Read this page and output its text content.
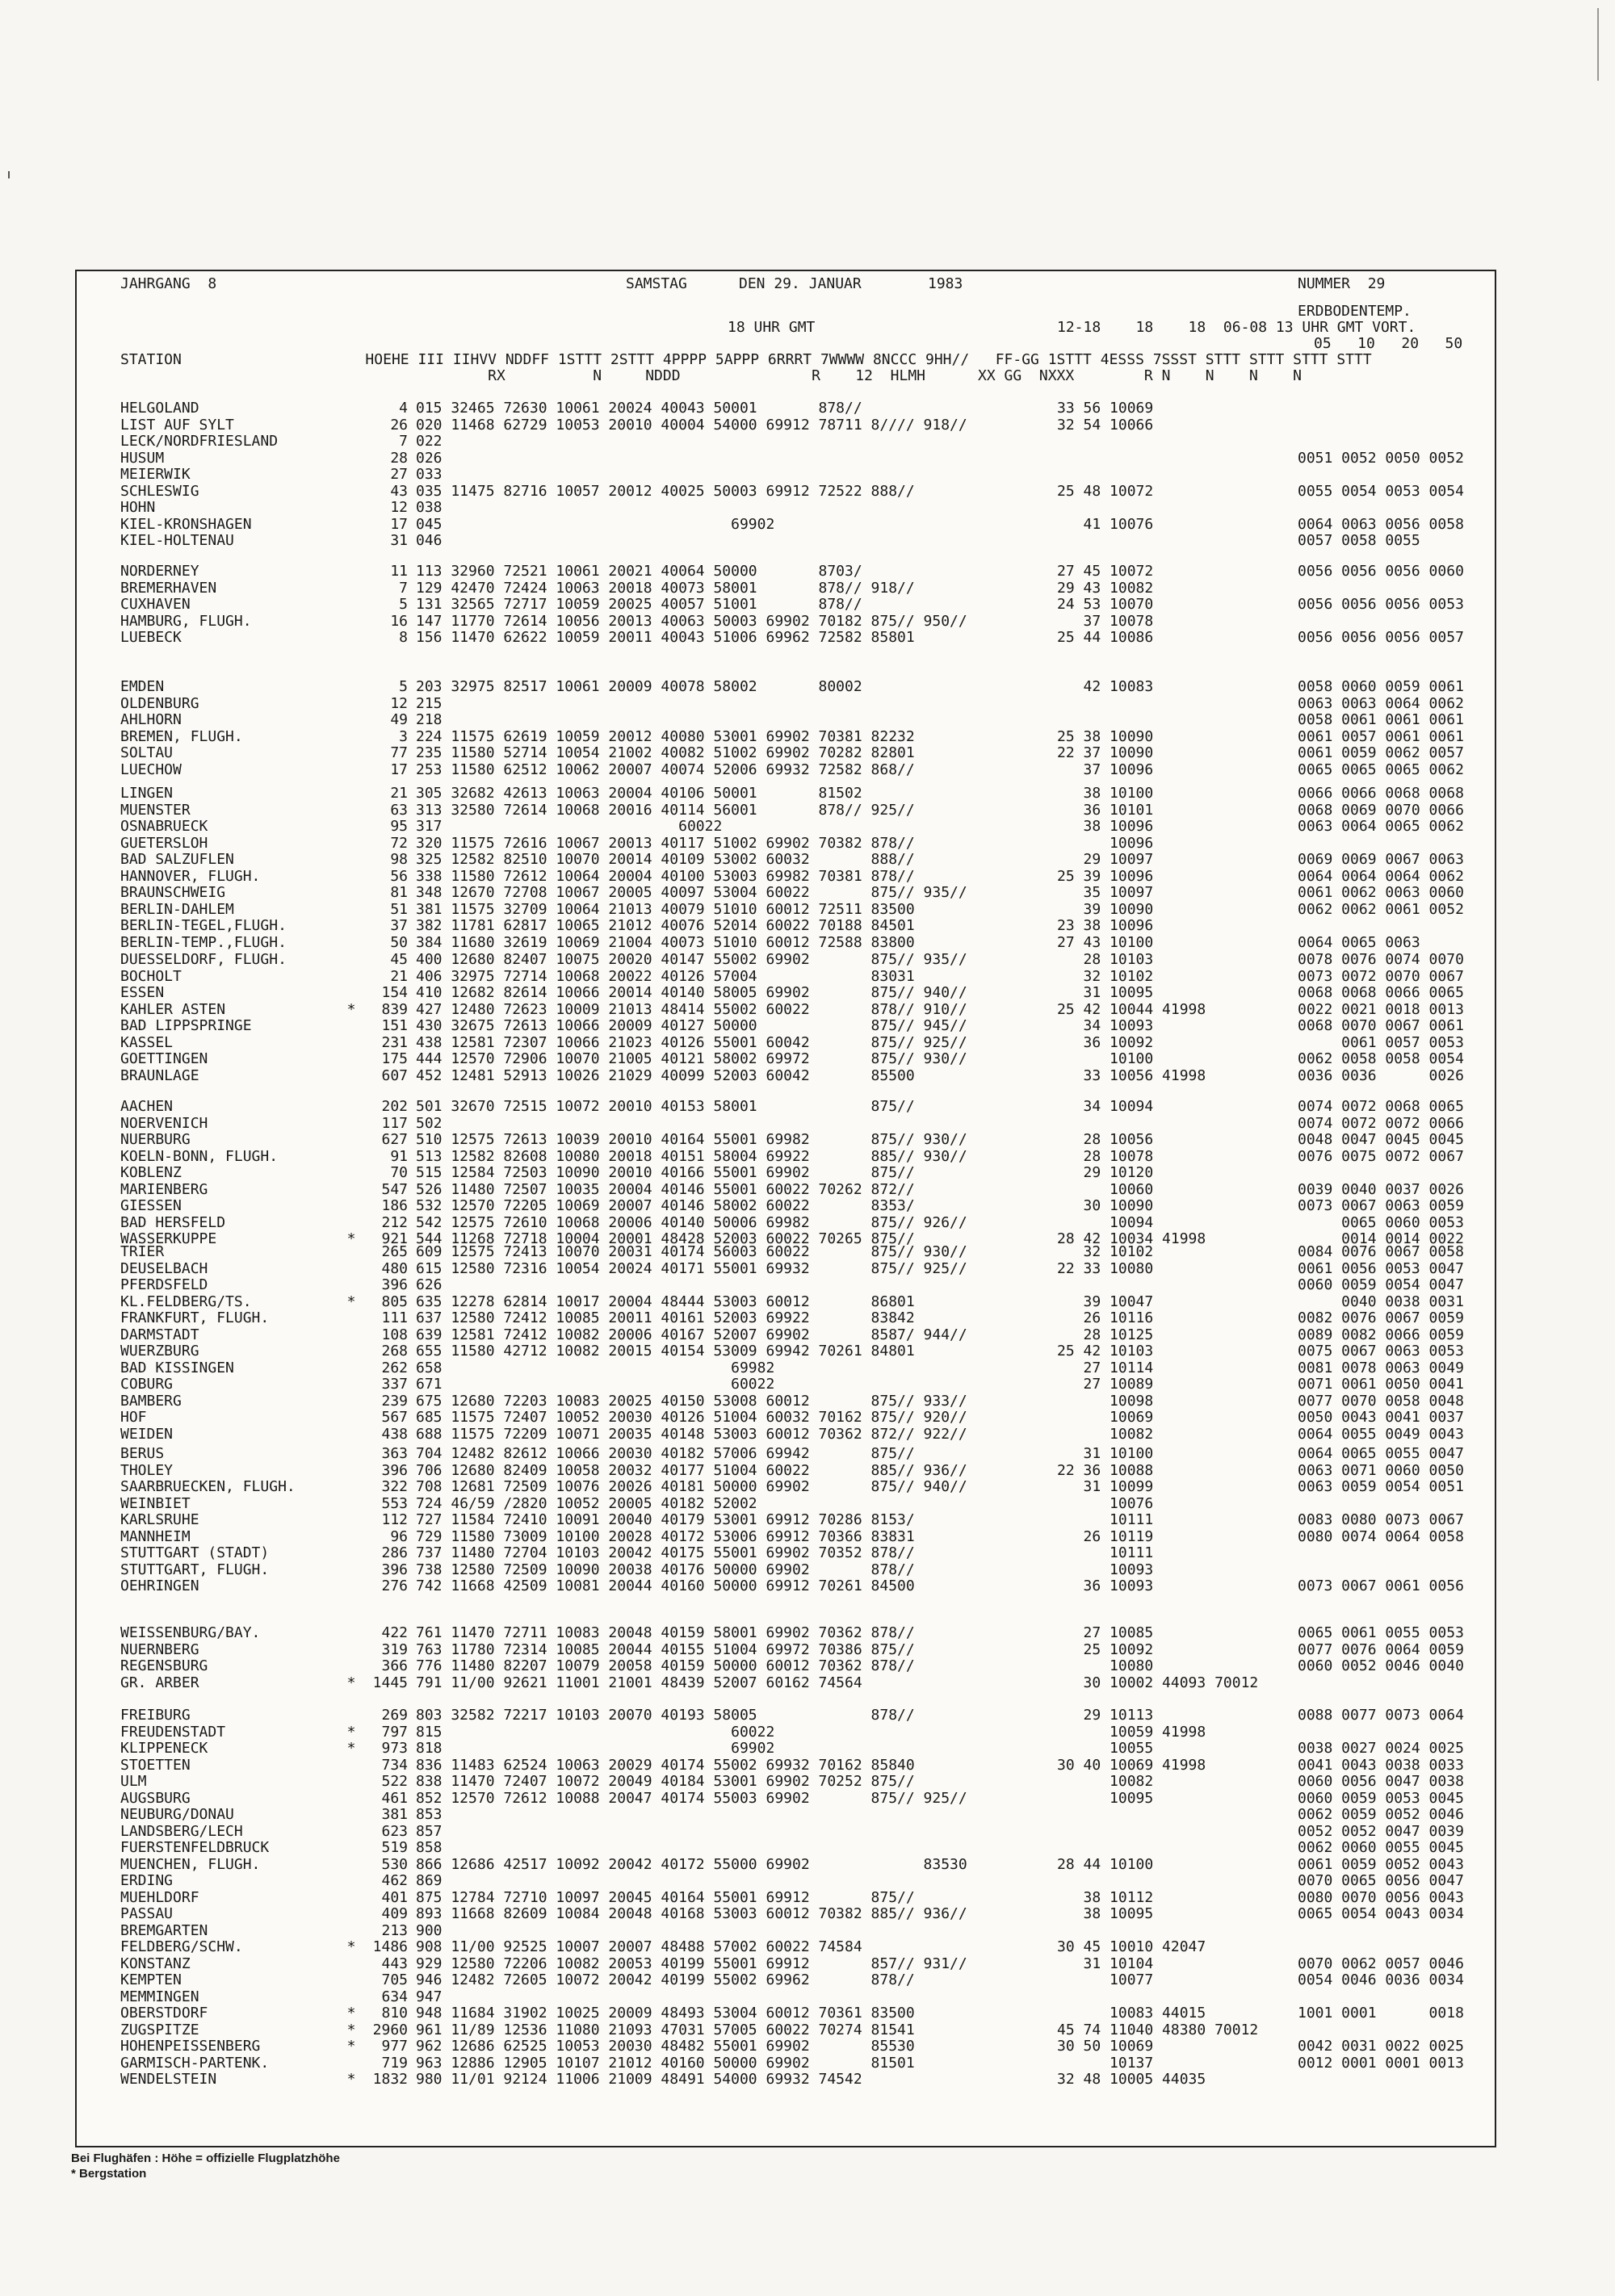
JAHRGANG  8

	SAMSTAG

	DEN 29. JANUAR

	1983

	NUMMER  29

ERDBODENTEMP.
18 UHR GMT	12-18    18    18  06-08 13 UHR GMT VORT.
05   10   20   50
STATION                     HOEHE III IIHVV NDDFF 1STTT 2STTT 4PPPP 5APPP 6RRRT 7WWWW 8NCCC 9HH//   FF-GG 1STTT 4ESSS 7SSST STTT STTT STTT STTT
RX          N     NDDD               R    12  HLMH      XX GG  NXXX        R N    N    N    N
HELGOLAND	4 015 32465 72630 10061 20024 40043 50001       878//	33 56 10069
LIST AUF SYLT	26 020 11468 62729 10053 20010 40004 54000 69912 78711 8//// 918//	32 54 10066
LECK/NORDFRIESLAND	7 022
HUSUM	28 026	0051 0052 0050 0052
MEIERWIK	27 033
SCHLESWIG	43 035 11475 82716 10057 20012 40025 50003 69912 72522 888//	25 48 10072	0055 0054 0053 0054
HOHN	12 038
KIEL-KRONSHAGEN	17 045                                 69902	41 10076	0064 0063 0056 0058
KIEL-HOLTENAU	31 046	0057 0058 0055
NORDERNEY	11 113 32960 72521 10061 20021 40064 50000       8703/	27 45 10072	0056 0056 0056 0060
BREMERHAVEN	7 129 42470 72424 10063 20018 40073 58001       878// 918//	29 43 10082
CUXHAVEN	5 131 32565 72717 10059 20025 40057 51001       878//	24 53 10070	0056 0056 0056 0053
HAMBURG, FLUGH.	16 147 11770 72614 10056 20013 40063 50003 69902 70182 875// 950//	37 10078
LUEBECK	8 156 11470 62622 10059 20011 40043 51006 69962 72582 85801	25 44 10086	0056 0056 0056 0057
EMDEN	5 203 32975 82517 10061 20009 40078 58002       80002	42 10083	0058 0060 0059 0061
OLDENBURG	12 215	0063 0063 0064 0062
AHLHORN	49 218	0058 0061 0061 0061
BREMEN, FLUGH.	3 224 11575 62619 10059 20012 40080 53001 69902 70381 82232	25 38 10090	0061 0057 0061 0061
SOLTAU	77 235 11580 52714 10054 21002 40082 51002 69902 70282 82801	22 37 10090	0061 0059 0062 0057
LUECHOW	17 253 11580 62512 10062 20007 40074 52006 69932 72582 868//	37 10096	0065 0065 0065 0062
LINGEN	21 305 32682 42613 10063 20004 40106 50001       81502	38 10100	0066 0066 0068 0068
MUENSTER	63 313 32580 72614 10068 20016 40114 56001       878// 925//	36 10101	0068 0069 0070 0066
OSNABRUECK	95 317                           60022	38 10096	0063 0064 0065 0062
GUETERSLOH	72 320 11575 72616 10067 20013 40117 51002 69902 70382 878//	10096
BAD SALZUFLEN	98 325 12582 82510 10070 20014 40109 53002 60032       888//	29 10097	0069 0069 0067 0063
HANNOVER, FLUGH.	56 338 11580 72612 10064 20004 40100 53003 69982 70381 878//	25 39 10096	0064 0064 0064 0062
BRAUNSCHWEIG	81 348 12670 72708 10067 20005 40097 53004 60022       875// 935//	35 10097	0061 0062 0063 0060
BERLIN-DAHLEM	51 381 11575 32709 10064 21013 40079 51010 60012 72511 83500	39 10090	0062 0062 0061 0052
BERLIN-TEGEL,FLUGH.	37 382 11781 62817 10065 21012 40076 52014 60022 70188 84501	23 38 10096
BERLIN-TEMP.,FLUGH.	50 384 11680 32619 10069 21004 40073 51010 60012 72588 83800	27 43 10100	0064 0065 0063
DUESSELDORF, FLUGH.	45 400 12680 82407 10075 20020 40147 55002 69902       875// 935//	28 10103	0078 0076 0074 0070
BOCHOLT	21 406 32975 72714 10068 20022 40126 57004             83031	32 10102	0073 0072 0070 0067
ESSEN	154 410 12682 82614 10066 20014 40140 58005 69902       875// 940//	31 10095	0068 0068 0066 0065
KAHLER ASTEN	*	839 427 12480 72623 10009 21013 48414 55002 60022       878// 910//	25 42 10044 41998	0022 0021 0018 0013
BAD LIPPSPRINGE	151 430 32675 72613 10066 20009 40127 50000             875// 945//	34 10093	0068 0070 0067 0061
KASSEL	231 438 12581 72307 10066 21023 40126 55001 60042       875// 925//	36 10092	0061 0057 0053
GOETTINGEN	175 444 12570 72906 10070 21005 40121 58002 69972       875// 930//	10100	0062 0058 0058 0054
BRAUNLAGE	607 452 12481 52913 10026 21029 40099 52003 60042       85500	33 10056 41998	0036 0036      0026
AACHEN	202 501 32670 72515 10072 20010 40153 58001             875//	34 10094	0074 0072 0068 0065
NOERVENICH	117 502	0074 0072 0072 0066
NUERBURG	627 510 12575 72613 10039 20010 40164 55001 69982       875// 930//	28 10056	0048 0047 0045 0045
KOELN-BONN, FLUGH.	91 513 12582 82608 10080 20018 40151 58004 69922       885// 930//	28 10078	0076 0075 0072 0067
KOBLENZ	70 515 12584 72503 10090 20010 40166 55001 69902       875//	29 10120
MARIENBERG	547 526 11480 72507 10035 20004 40146 55001 60022 70262 872//	10060	0039 0040 0037 0026
GIESSEN	186 532 12570 72205 10069 20007 40146 58002 60022       8353/	30 10090	0073 0067 0063 0059
BAD HERSFELD	212 542 12575 72610 10068 20006 40140 50006 69982       875// 926//	10094	0065 0060 0053
WASSERKUPPE	*	921 544 11268 72718 10004 20001 48428 52003 60022 70265 875//	28 42 10034 41998	0014 0014 0022
TRIER	265 609 12575 72413 10070 20031 40174 56003 60022       875// 930//	32 10102	0084 0076 0067 0058
DEUSELBACH	480 615 12580 72316 10054 20024 40171 55001 69932       875// 925//	22 33 10080	0061 0056 0053 0047
PFERDSFELD	396 626	0060 0059 0054 0047
KL.FELDBERG/TS.	*	805 635 12278 62814 10017 20004 48444 53003 60012       86801	39 10047	0040 0038 0031
FRANKFURT, FLUGH.	111 637 12580 72412 10085 20011 40161 52003 69922       83842	26 10116	0082 0076 0067 0059
DARMSTADT	108 639 12581 72412 10082 20006 40167 52007 69902       8587/ 944//	28 10125	0089 0082 0066 0059
WUERZBURG	268 655 11580 42712 10082 20015 40154 53009 69942 70261 84801	25 42 10103	0075 0067 0063 0053
BAD KISSINGEN	262 658                                 69982	27 10114	0081 0078 0063 0049
COBURG	337 671                                 60022	27 10089	0071 0061 0050 0041
BAMBERG	239 675 12680 72203 10083 20025 40150 53008 60012       875// 933//	10098	0077 0070 0058 0048
HOF	567 685 11575 72407 10052 20030 40126 51004 60032 70162 875// 920//	10069	0050 0043 0041 0037
WEIDEN	438 688 11575 72209 10071 20035 40148 53003 60012 70362 872// 922//	10082	0064 0055 0049 0043
BERUS	363 704 12482 82612 10066 20030 40182 57006 69942       875//	31 10100	0064 0065 0055 0047
THOLEY	396 706 12680 82409 10058 20032 40177 51004 60022       885// 936//	22 36 10088	0063 0071 0060 0050
SAARBRUECKEN, FLUGH.	322 708 12681 72509 10076 20026 40181 50000 69902       875// 940//	31 10099	0063 0059 0054 0051
WEINBIET	553 724 46/59 /2820 10052 20005 40182 52002	10076
KARLSRUHE	112 727 11584 72410 10091 20040 40179 53001 69912 70286 8153/	10111	0083 0080 0073 0067
MANNHEIM	96 729 11580 73009 10100 20028 40172 53006 69912 70366 83831	26 10119	0080 0074 0064 0058
STUTTGART (STADT)	286 737 11480 72704 10103 20042 40175 55001 69902 70352 878//	10111
STUTTGART, FLUGH.	396 738 12580 72509 10090 20038 40176 50000 69902       878//	10093
OEHRINGEN	276 742 11668 42509 10081 20044 40160 50000 69912 70261 84500	36 10093	0073 0067 0061 0056
WEISSENBURG/BAY.	422 761 11470 72711 10083 20048 40159 58001 69902 70362 878//	27 10085	0065 0061 0055 0053
NUERNBERG	319 763 11780 72314 10085 20044 40155 51004 69972 70386 875//	25 10092	0077 0076 0064 0059
REGENSBURG	366 776 11480 82207 10079 20058 40159 50000 60012 70362 878//	10080	0060 0052 0046 0040
GR. ARBER	*	1445 791 11/00 92621 11001 21001 48439 52007 60162 74564	30 10002 44093 70012
FREIBURG	269 803 32582 72217 10103 20070 40193 58005             878//	29 10113	0088 0077 0073 0064
FREUDENSTADT	*	797 815                                 60022	10059 41998
KLIPPENECK	*	973 818                                 69902	10055	0038 0027 0024 0025
STOETTEN	734 836 11483 62524 10063 20029 40174 55002 69932 70162 85840	30 40 10069 41998	0041 0043 0038 0033
ULM	522 838 11470 72407 10072 20049 40184 53001 69902 70252 875//	10082	0060 0056 0047 0038
AUGSBURG	461 852 12570 72612 10088 20047 40174 55003 69902       875// 925//	10095	0060 0059 0053 0045
NEUBURG/DONAU	381 853	0062 0059 0052 0046
LANDSBERG/LECH	623 857	0052 0052 0047 0039
FUERSTENFELDBRUCK	519 858	0062 0060 0055 0045
MUENCHEN, FLUGH.	530 866 12686 42517 10092 20042 40172 55000 69902             83530	28 44 10100	0061 0059 0052 0043
ERDING	462 869	0070 0065 0056 0047
MUEHLDORF	401 875 12784 72710 10097 20045 40164 55001 69912       875//	38 10112	0080 0070 0056 0043
PASSAU	409 893 11668 82609 10084 20048 40168 53003 60012 70382 885// 936//	38 10095	0065 0054 0043 0034
BREMGARTEN	213 900
FELDBERG/SCHW.	*	1486 908 11/00 92525 10007 20007 48488 57002 60022 74584	30 45 10010 42047
KONSTANZ	443 929 12580 72206 10082 20053 40199 55001 69912       857// 931//	31 10104	0070 0062 0057 0046
KEMPTEN	705 946 12482 72605 10072 20042 40199 55002 69962       878//	10077	0054 0046 0036 0034
MEMMINGEN	634 947
OBERSTDORF	*	810 948 11684 31902 10025 20009 48493 53004 60012 70361 83500	10083 44015	1001 0001      0018
ZUGSPITZE	*	2960 961 11/89 12536 11080 21093 47031 57005 60022 70274 81541	45 74 11040 48380 70012
HOHENPEISSENBERG	*	977 962 12686 62525 10053 20030 48482 55001 69902       85530	30 50 10069	0042 0031 0022 0025
GARMISCH-PARTENK.	719 963 12886 12905 10107 21012 40160 50000 69902       81501	10137	0012 0001 0001 0013
WENDELSTEIN	*	1832 980 11/01 92124 11006 21009 48491 54000 69932 74542	32 48 10005 44035
Bei Flughäfen : Höhe = offizielle Flugplatzhöhe
* Bergstation
